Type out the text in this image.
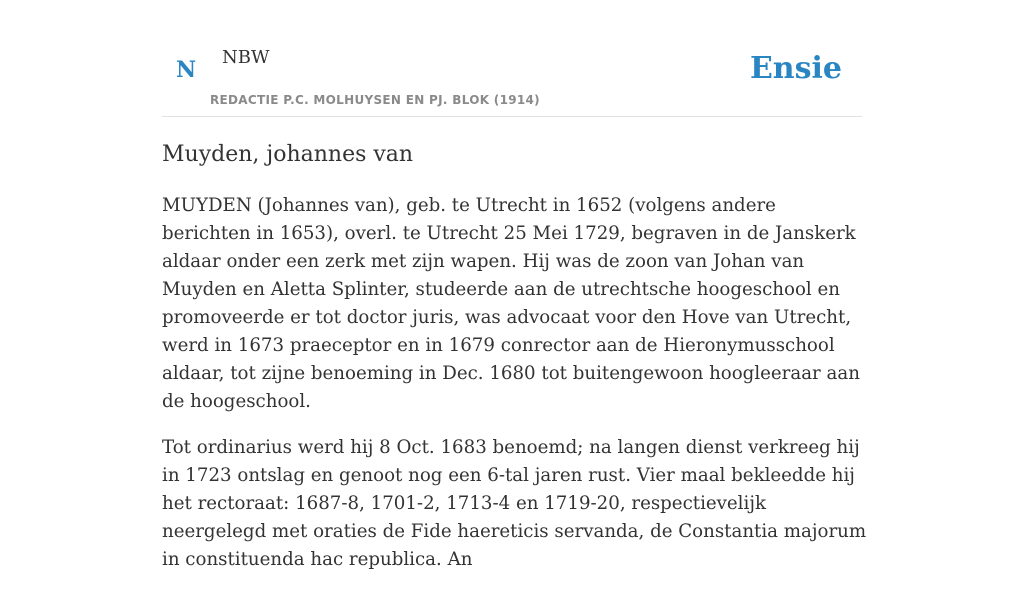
N NBW
REDACTIE P.C. MOLHUYSEN EN PJ. BLOK (1914)
Ensie
Muyden, johannes van

MUYDEN (Johannes van), geb. te Utrecht in 1652 (volgens andere berichten in 1653), overl. te Utrecht 25 Mei 1729, begraven in de Janskerk aldaar onder een zerk met zijn wapen. Hij was de zoon van Johan van Muyden en Aletta Splinter, studeerde aan de utrechtsche hoogeschool en promoveerde er tot doctor juris, was advocaat voor den Hove van Utrecht, werd in 1673 praeceptor en in 1679 conrector aan de Hieronymusschool aldaar, tot zijne benoeming in Dec. 1680 tot buitengewoon hoogleeraar aan de hoogeschool.

Tot ordinarius werd hij 8 Oct. 1683 benoemd; na langen dienst verkreeg hij in 1723 ontslag en genoot nog een 6-tal jaren rust. Vier maal bekleedde hij het rectoraat: 1687-8, 1701-2, 1713-4 en 1719-20, respectievelijk neergelegd met oraties de Fide haereticis servanda, de Constantia majorum in constituenda hac republica. An
